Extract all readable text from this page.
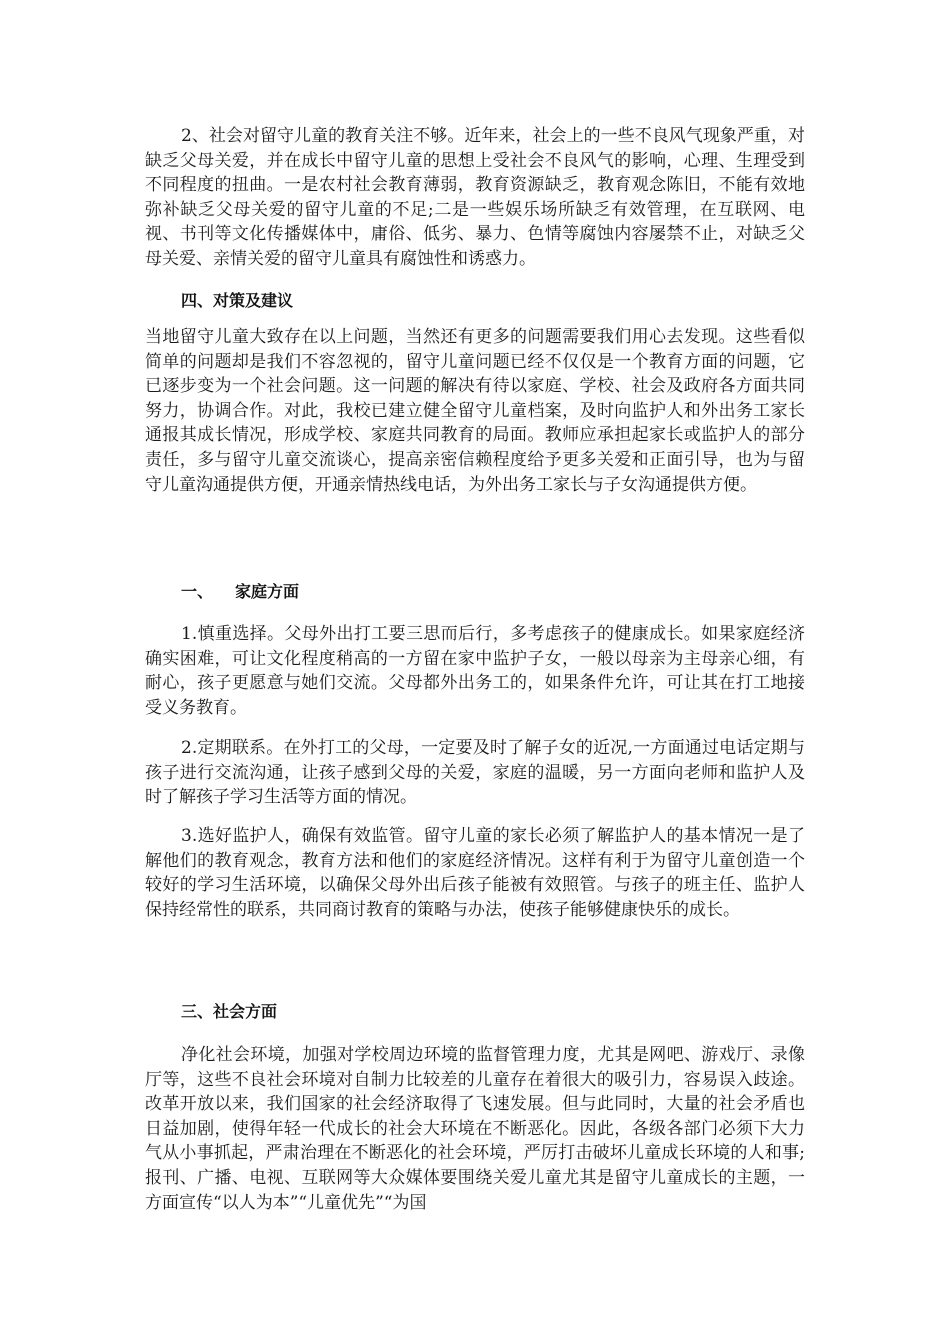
2、社会对留守儿童的教育关注不够。近年来，社会上的一些不良风气现象严重，对缺乏父母关爱，并在成长中留守儿童的思想上受社会不良风气的影响，心理、生理受到不同程度的扭曲。一是农村社会教育薄弱，教育资源缺乏，教育观念陈旧，不能有效地弥补缺乏父母关爱的留守儿童的不足;二是一些娱乐场所缺乏有效管理，在互联网、电视、书刊等文化传播媒体中，庸俗、低劣、暴力、色情等腐蚀内容屡禁不止，对缺乏父母关爱、亲情关爱的留守儿童具有腐蚀性和诱惑力。

四、对策及建议

当地留守儿童大致存在以上问题，当然还有更多的问题需要我们用心去发现。这些看似简单的问题却是我们不容忽视的，留守儿童问题已经不仅仅是一个教育方面的问题，它已逐步变为一个社会问题。这一问题的解决有待以家庭、学校、社会及政府各方面共同努力，协调合作。对此，我校已建立健全留守儿童档案，及时向监护人和外出务工家长通报其成长情况，形成学校、家庭共同教育的局面。教师应承担起家长或监护人的部分责任，多与留守儿童交流谈心，提高亲密信赖程度给予更多关爱和正面引导，也为与留守儿童沟通提供方便，开通亲情热线电话，为外出务工家长与子女沟通提供方便。

一、 家庭方面

1.慎重选择。父母外出打工要三思而后行，多考虑孩子的健康成长。如果家庭经济确实困难，可让文化程度稍高的一方留在家中监护子女，一般以母亲为主母亲心细，有耐心，孩子更愿意与她们交流。父母都外出务工的，如果条件允许，可让其在打工地接受义务教育。

2.定期联系。在外打工的父母，一定要及时了解子女的近况,一方面通过电话定期与孩子进行交流沟通，让孩子感到父母的关爱，家庭的温暖，另一方面向老师和监护人及时了解孩子学习生活等方面的情况。

3.选好监护人，确保有效监管。留守儿童的家长必须了解监护人的基本情况一是了解他们的教育观念，教育方法和他们的家庭经济情况。这样有利于为留守儿童创造一个较好的学习生活环境，以确保父母外出后孩子能被有效照管。与孩子的班主任、监护人保持经常性的联系，共同商讨教育的策略与办法，使孩子能够健康快乐的成长。

三、社会方面

净化社会环境，加强对学校周边环境的监督管理力度，尤其是网吧、游戏厅、录像厅等，这些不良社会环境对自制力比较差的儿童存在着很大的吸引力，容易误入歧途。改革开放以来，我们国家的社会经济取得了飞速发展。但与此同时，大量的社会矛盾也日益加剧，使得年轻一代成长的社会大环境在不断恶化。因此，各级各部门必须下大力气从小事抓起，严肃治理在不断恶化的社会环境，严厉打击破坏儿童成长环境的人和事;报刊、广播、电视、互联网等大众媒体要围绕关爱儿童尤其是留守儿童成长的主题，一方面宣传“以人为本”“儿童优先”“为国
